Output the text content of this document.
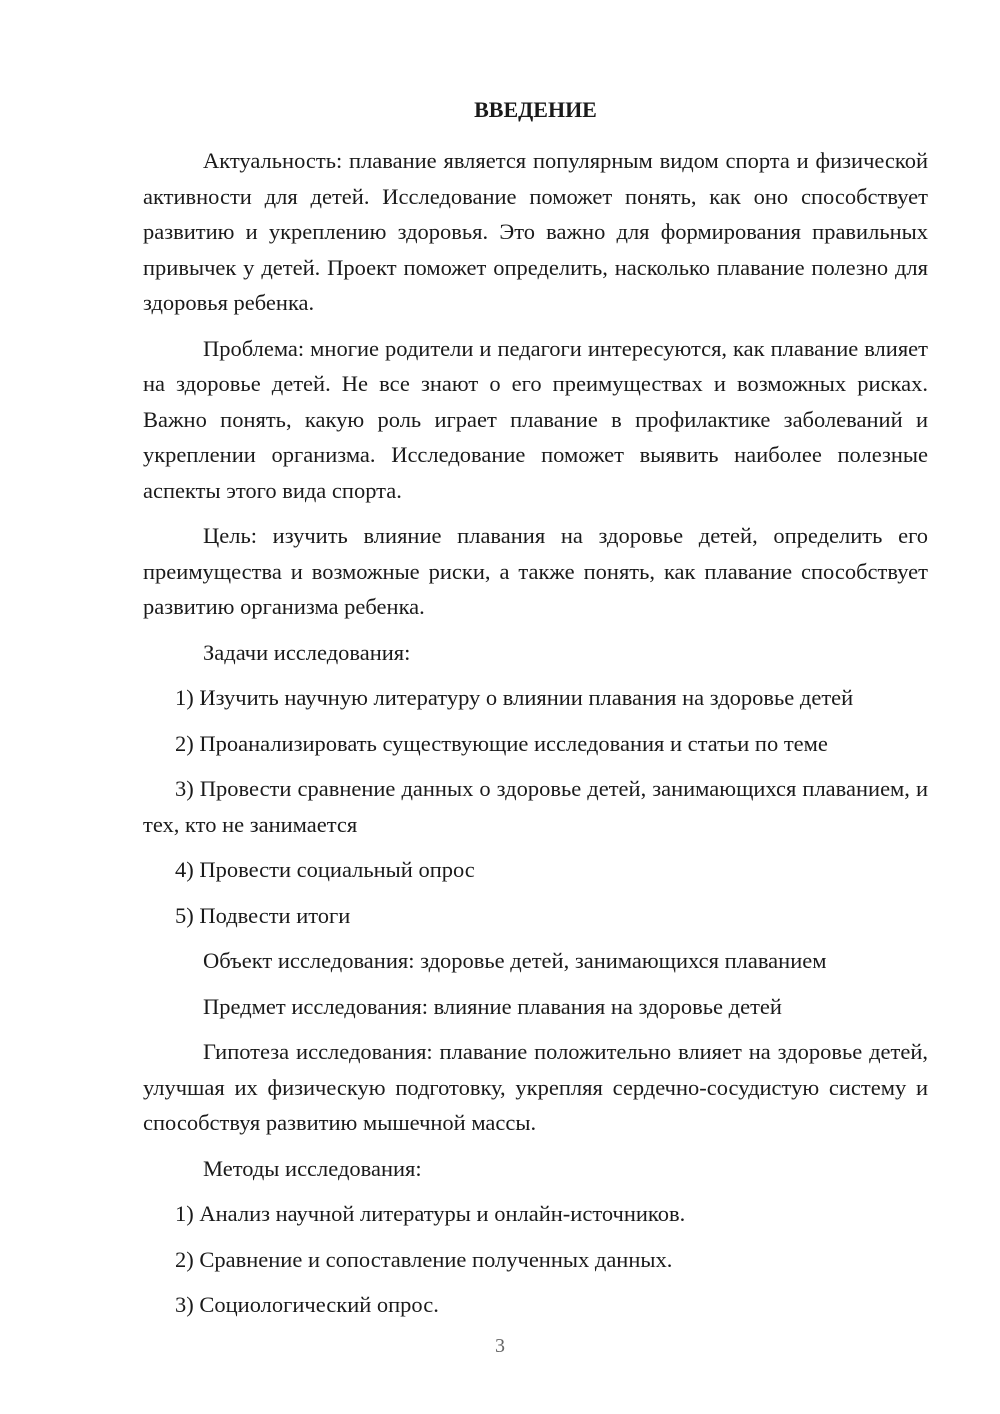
ВВЕДЕНИЕ

Актуальность: плавание является популярным видом спорта и физической активности для детей. Исследование поможет понять, как оно способствует развитию и укреплению здоровья. Это важно для формирования правильных привычек у детей. Проект поможет определить, насколько плавание полезно для здоровья ребенка.

Проблема: многие родители и педагоги интересуются, как плавание влияет на здоровье детей. Не все знают о его преимуществах и возможных рисках. Важно понять, какую роль играет плавание в профилактике заболеваний и укреплении организма. Исследование поможет выявить наиболее полезные аспекты этого вида спорта.

Цель: изучить влияние плавания на здоровье детей, определить его преимущества и возможные риски, а также понять, как плавание способствует развитию организма ребенка.

Задачи исследования:

1) Изучить научную литературу о влиянии плавания на здоровье детей

2) Проанализировать существующие исследования и статьи по теме

3) Провести сравнение данных о здоровье детей, занимающихся плаванием, и тех, кто не занимается

4) Провести социальный опрос

5) Подвести итоги

Объект исследования: здоровье детей, занимающихся плаванием

Предмет исследования: влияние плавания на здоровье детей

Гипотеза исследования: плавание положительно влияет на здоровье детей, улучшая их физическую подготовку, укрепляя сердечно-сосудистую систему и способствуя развитию мышечной массы.

Методы исследования:

1) Анализ научной литературы и онлайн-источников.

2) Сравнение и сопоставление полученных данных.

3) Социологический опрос.

3
